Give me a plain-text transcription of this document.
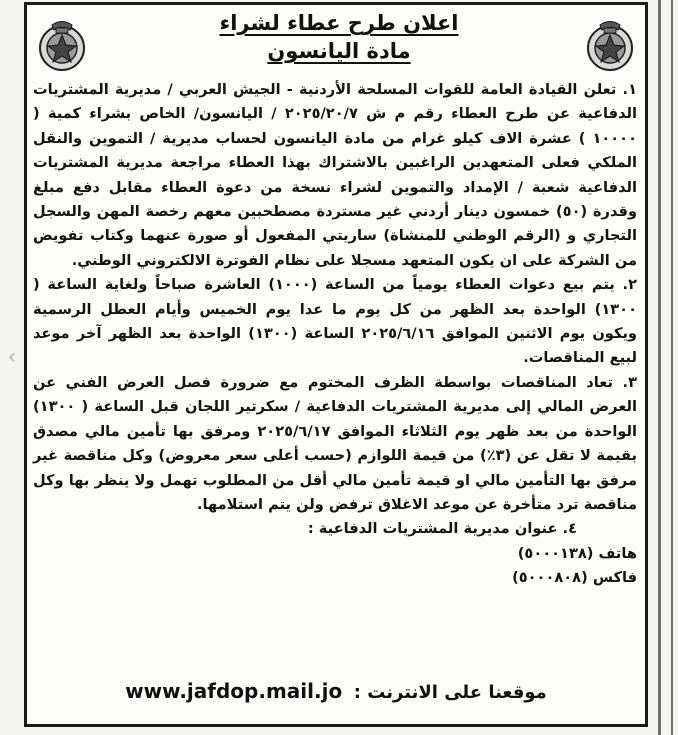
‹
اعلان طرح عطاء لشراء
مادة اليانسون

١. تعلن القيادة العامة للقوات المسلحة الأردنية - الجيش العربي / مديرية المشتريات الدفاعية عن طرح العطاء رقم م ش ٢٠٢٥/٢٠/٧ / اليانسون/ الخاص بشراء كمية ( ١٠٠٠٠ ) عشرة الاف كيلو غرام من مادة اليانسون لحساب مديرية / التموين والنقل الملكي فعلى المتعهدين الراغبين بالاشتراك بهذا العطاء مراجعة مديرية المشتريات الدفاعية شعبة / الإمداد والتموين لشراء نسخة من دعوة العطاء مقابل دفع مبلغ وقدرة (٥٠) خمسون دينار أردني غير مستردة مصطحبين معهم رخصة المهن والسجل التجاري و (الرقم الوطني للمنشاة) ساريتي المفعول أو صورة عنهما وكتاب تفويض من الشركة على ان يكون المتعهد مسجلا على نظام الفوترة الالكتروني الوطني.

٢. يتم بيع دعوات العطاء يومياً من الساعة (١٠٠٠) العاشرة صباحاً ولغاية الساعة ( ١٣٠٠) الواحدة بعد الظهر من كل يوم ما عدا يوم الخميس وأيام العطل الرسمية ويكون يوم الاثنين الموافق ٢٠٢٥/٦/١٦ الساعة (١٣٠٠) الواحدة بعد الظهر آخر موعد لبيع المناقصات.

٣. تعاد المناقصات بواسطة الظرف المختوم مع ضرورة فصل العرض الفني عن العرض المالي إلى مديرية المشتريات الدفاعية / سكرتير اللجان قبل الساعة ( ١٣٠٠) الواحدة من بعد ظهر يوم الثلاثاء الموافق ٢٠٢٥/٦/١٧ ومرفق بها تأمين مالي مصدق بقيمة لا تقل عن (٣٪) من قيمة اللوازم (حسب أعلى سعر معروض) وكل مناقصة غير مرفق بها التأمين مالي او قيمة تأمين مالي أقل من المطلوب تهمل ولا ينظر بها وكل مناقصة ترد متأخرة عن موعد الاغلاق ترفض ولن يتم استلامها.

٤. عنوان مديرية المشتريات الدفاعية :

هاتف (٥٠٠٠١٣٨)

فاكس (٥٠٠٠٨٠٨)

موقعنا على الانترنت : www.jafdop.mail.jo
